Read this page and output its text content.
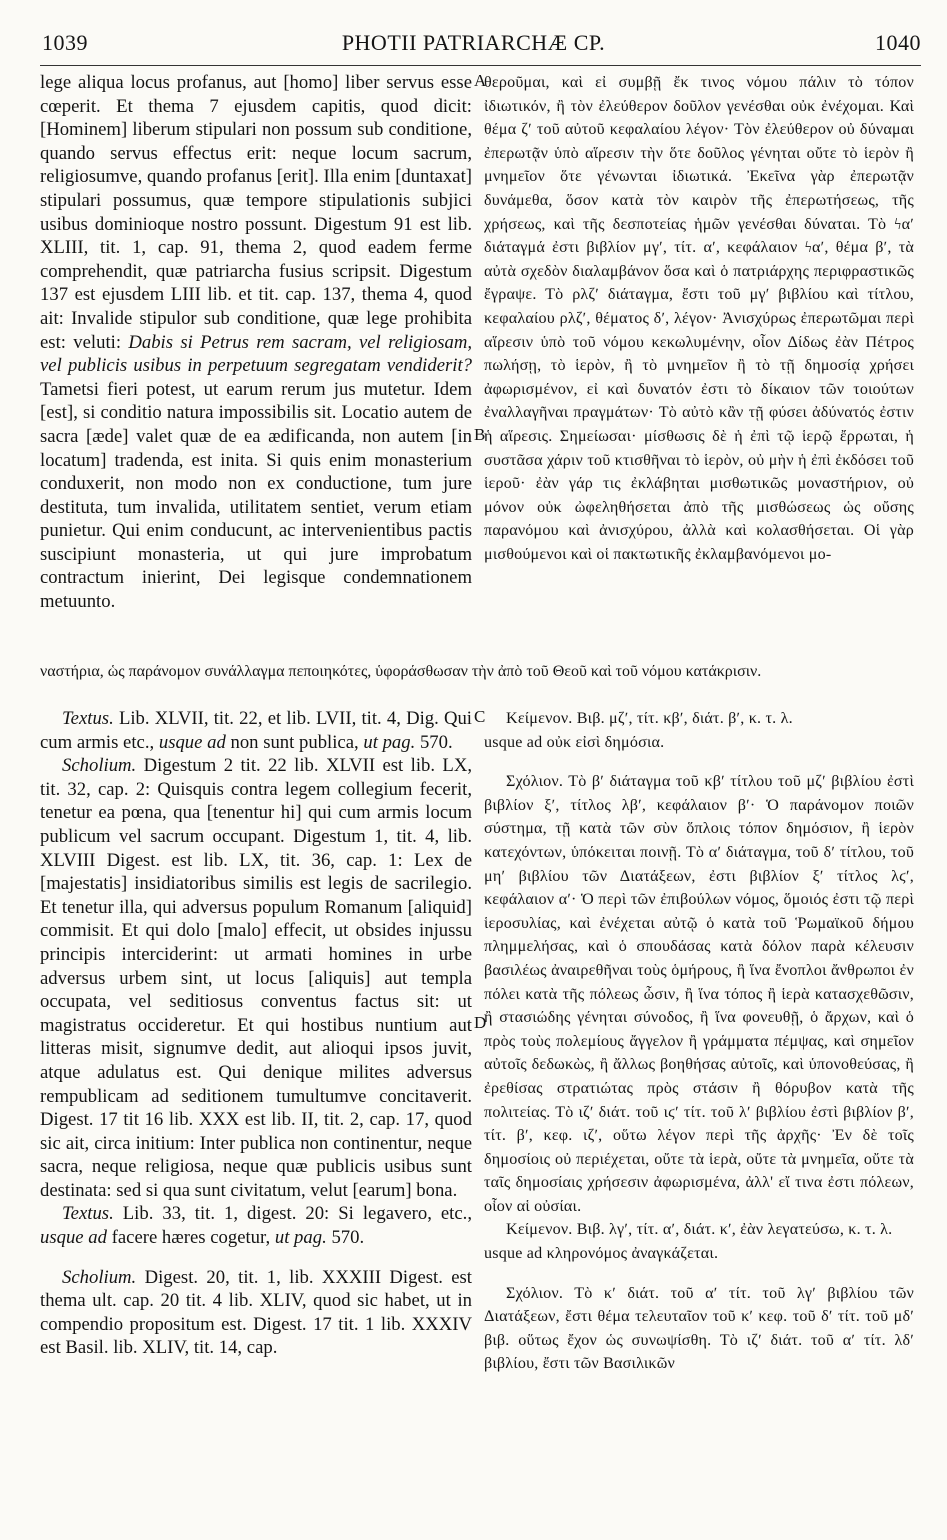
1039	PHOTII PATRIARCHÆ CP.	1040
A
B
C
D

lege aliqua locus profanus, aut [homo] liber servus esse cœperit. Et thema 7 ejusdem capitis, quod dicit: [Hominem] liberum stipulari non possum sub conditione, quando servus effectus erit: neque locum sacrum, religiosumve, quando profanus [erit]. Illa enim [duntaxat] stipulari possumus, quæ tempore stipulationis subjici usibus dominioque nostro possunt. Digestum 91 est lib. XLIII, tit. 1, cap. 91, thema 2, quod eadem ferme comprehendit, quæ patriarcha fusius scripsit. Digestum 137 est ejusdem LIII lib. et tit. cap. 137, thema 4, quod ait: Invalide stipulor sub conditione, quæ lege prohibita est: veluti: Dabis si Petrus rem sacram, vel religiosam, vel publicis usibus in perpetuum segregatam vendiderit? Tametsi fieri potest, ut earum rerum jus mutetur. Idem [est], si conditio natura impossibilis sit. Locatio autem de sacra [æde] valet quæ de ea ædificanda, non autem [in locatum] tradenda, est inita. Si quis enim monasterium conduxerit, non modo non ex conductione, tum jure destituta, tum invalida, utilitatem sentiet, verum etiam punietur. Qui enim conducunt, ac intervenientibus pactis suscipiunt monasteria, ut qui jure improbatum contractum inierint, Dei legisque condemnationem metuunto.

θεροῦμαι, καὶ εἰ συμβῇ ἔκ τινος νόμου πάλιν τὸ τόπον ἰδιωτικόν, ἢ τὸν ἐλεύθερον δοῦλον γενέσθαι οὐκ ἐνέχομαι. Καὶ θέμα ζʹ τοῦ αὐτοῦ κεφαλαίου λέγον· Τὸν ἐλεύθερον οὐ δύναμαι ἐπερωτᾷν ὑπὸ αἵρεσιν τὴν ὅτε δοῦλος γένηται οὔτε τὸ ἱερὸν ἢ μνημεῖον ὅτε γένωνται ἰδιωτικά. Ἐκεῖνα γὰρ ἐπερωτᾷν δυνάμεθα, ὅσον κατὰ τὸν καιρὸν τῆς ἐπερωτήσεως, τῆς χρήσεως, καὶ τῆς δεσποτείας ἡμῶν γενέσθαι δύναται. Τὸ ϟαʹ διάταγμά ἐστι βιβλίον μγʹ, τίτ. αʹ, κεφάλαιον ϟαʹ, θέμα βʹ, τὰ αὐτὰ σχεδὸν διαλαμβάνον ὅσα καὶ ὁ πατριάρχης περιφραστικῶς ἔγραψε. Τὸ ρλζʹ διάταγμα, ἔστι τοῦ μγʹ βιβλίου καὶ τίτλου, κεφαλαίου ρλζʹ, θέματος δʹ, λέγον· Ἀνισχύρως ἐπερωτῶμαι περὶ αἵρεσιν ὑπὸ τοῦ νόμου κεκωλυμένην, οἷον Δίδως ἐὰν Πέτρος πωλήσῃ, τὸ ἱερὸν, ἢ τὸ μνημεῖον ἢ τὸ τῇ δημοσίᾳ χρήσει ἀφωρισμένον, εἰ καὶ δυνατόν ἐστι τὸ δίκαιον τῶν τοιούτων ἐναλλαγῆναι πραγμάτων· Τὸ αὐτὸ κἂν τῇ φύσει ἀδύνατός ἐστιν ἡ αἵρεσις. Σημείωσαι· μίσθωσις δὲ ἡ ἐπὶ τῷ ἱερῷ ἔρρωται, ἡ συστᾶσα χάριν τοῦ κτισθῆναι τὸ ἱερὸν, οὐ μὴν ἡ ἐπὶ ἐκδόσει τοῦ ἱεροῦ· ἐὰν γάρ τις ἐκλάβηται μισθωτικῶς μοναστήριον, οὐ μόνον οὐκ ὠφεληθήσεται ἀπὸ τῆς μισθώσεως ὡς οὔσης παρανόμου καὶ ἀνισχύρου, ἀλλὰ καὶ κολασθήσεται. Οἱ γὰρ μισθούμενοι καὶ οἱ πακτωτικῆς ἐκλαμβανόμενοι μο-

ναστήρια, ὡς παράνομον συνάλλαγμα πεποιηκότες, ὑφοράσθωσαν τὴν ἀπὸ τοῦ Θεοῦ καὶ τοῦ νόμου κατάκρισιν.

Textus. Lib. XLVII, tit. 22, et lib. LVII, tit. 4, Dig. Qui cum armis etc., usque ad non sunt publica, ut pag. 570.

Scholium. Digestum 2 tit. 22 lib. XLVII est lib. LX, tit. 32, cap. 2: Quisquis contra legem collegium fecerit, tenetur ea pœna, qua [tenentur hi] qui cum armis locum publicum vel sacrum occupant. Digestum 1, tit. 4, lib. XLVIII Digest. est lib. LX, tit. 36, cap. 1: Lex de [majestatis] insidiatoribus similis est legis de sacrilegio. Et tenetur illa, qui adversus populum Romanum [aliquid] commisit. Et qui dolo [malo] effecit, ut obsides injussu principis interciderint: ut armati homines in urbe adversus urbem sint, ut locus [aliquis] aut templa occupata, vel seditiosus conventus factus sit: ut magistratus occideretur. Et qui hostibus nuntium aut litteras misit, signumve dedit, aut alioqui ipsos juvit, atque adulatus est. Qui denique milites adversus rempublicam ad seditionem tumultumve concitaverit. Digest. 17 tit 16 lib. XXX est lib. II, tit. 2, cap. 17, quod sic ait, circa initium: Inter publica non continentur, neque sacra, neque religiosa, neque quæ publicis usibus sunt destinata: sed si qua sunt civitatum, velut [earum] bona.

Textus. Lib. 33, tit. 1, digest. 20: Si legavero, etc., usque ad facere hæres cogetur, ut pag. 570.

Scholium. Digest. 20, tit. 1, lib. XXXIII Digest. est thema ult. cap. 20 tit. 4 lib. XLIV, quod sic habet, ut in compendio propositum est. Digest. 17 tit. 1 lib. XXXIV est Basil. lib. XLIV, tit. 14, cap.

Κείμενον. Βιβ. μζʹ, τίτ. κβʹ, διάτ. βʹ, κ. τ. λ.

usque ad οὐκ εἰσὶ δημόσια.

Σχόλιον. Τὸ βʹ διάταγμα τοῦ κβʹ τίτλου τοῦ μζʹ βιβλίου ἐστὶ βιβλίον ξʹ, τίτλος λβʹ, κεφάλαιον βʹ· Ὁ παράνομον ποιῶν σύστημα, τῇ κατὰ τῶν σὺν ὅπλοις τόπον δημόσιον, ἢ ἱερὸν κατεχόντων, ὑπόκειται ποινῇ. Τὸ αʹ διάταγμα, τοῦ δʹ τίτλου, τοῦ μηʹ βιβλίου τῶν Διατάξεων, ἐστι βιβλίον ξʹ τίτλος λϛʹ, κεφάλαιον αʹ· Ὁ περὶ τῶν ἐπιβούλων νόμος, ὅμοιός ἐστι τῷ περὶ ἱεροσυλίας, καὶ ἐνέχεται αὐτῷ ὁ κατὰ τοῦ Ῥωμαϊκοῦ δήμου πλημμελήσας, καὶ ὁ σπουδάσας κατὰ δόλον παρὰ κέλευσιν βασιλέως ἀναιρεθῆναι τοὺς ὁμήρους, ἢ ἵνα ἔνοπλοι ἄνθρωποι ἐν πόλει κατὰ τῆς πόλεως ὦσιν, ἢ ἵνα τόπος ἢ ἱερὰ κατασχεθῶσιν, ἢ στασιώδης γένηται σύνοδος, ἢ ἵνα φονευθῇ, ὁ ἄρχων, καὶ ὁ πρὸς τοὺς πολεμίους ἄγγελον ἢ γράμματα πέμψας, καὶ σημεῖον αὐτοῖς δεδωκὼς, ἢ ἄλλως βοηθήσας αὐτοῖς, καὶ ὑπονοθεύσας, ἢ ἐρεθίσας στρατιώτας πρὸς στάσιν ἢ θόρυβον κατὰ τῆς πολιτείας. Τὸ ιζʹ διάτ. τοῦ ιϛʹ τίτ. τοῦ λʹ βιβλίου ἐστὶ βιβλίον βʹ, τίτ. βʹ, κεφ. ιζʹ, οὕτω λέγον περὶ τῆς ἀρχῆς· Ἐν δὲ τοῖς δημοσίοις οὐ περιέχεται, οὔτε τὰ ἱερὰ, οὔτε τὰ μνημεῖα, οὔτε τὰ ταῖς δημοσίαις χρήσεσιν ἀφωρισμένα, ἀλλ' εἴ τινα ἐστι πόλεων, οἷον αἱ οὐσίαι.

Κείμενον. Βιβ. λγʹ, τίτ. αʹ, διάτ. κʹ, ἐὰν λεγατεύσω, κ. τ. λ.

usque ad κληρονόμος ἀναγκάζεται.

Σχόλιον. Τὸ κʹ διάτ. τοῦ αʹ τίτ. τοῦ λγʹ βιβλίου τῶν Διατάξεων, ἔστι θέμα τελευταῖον τοῦ κʹ κεφ. τοῦ δʹ τίτ. τοῦ μδʹ βιβ. οὕτως ἔχον ὡς συνωψίσθη. Τὸ ιζʹ διάτ. τοῦ αʹ τίτ. λδʹ βιβλίου, ἔστι τῶν Βασιλικῶν
